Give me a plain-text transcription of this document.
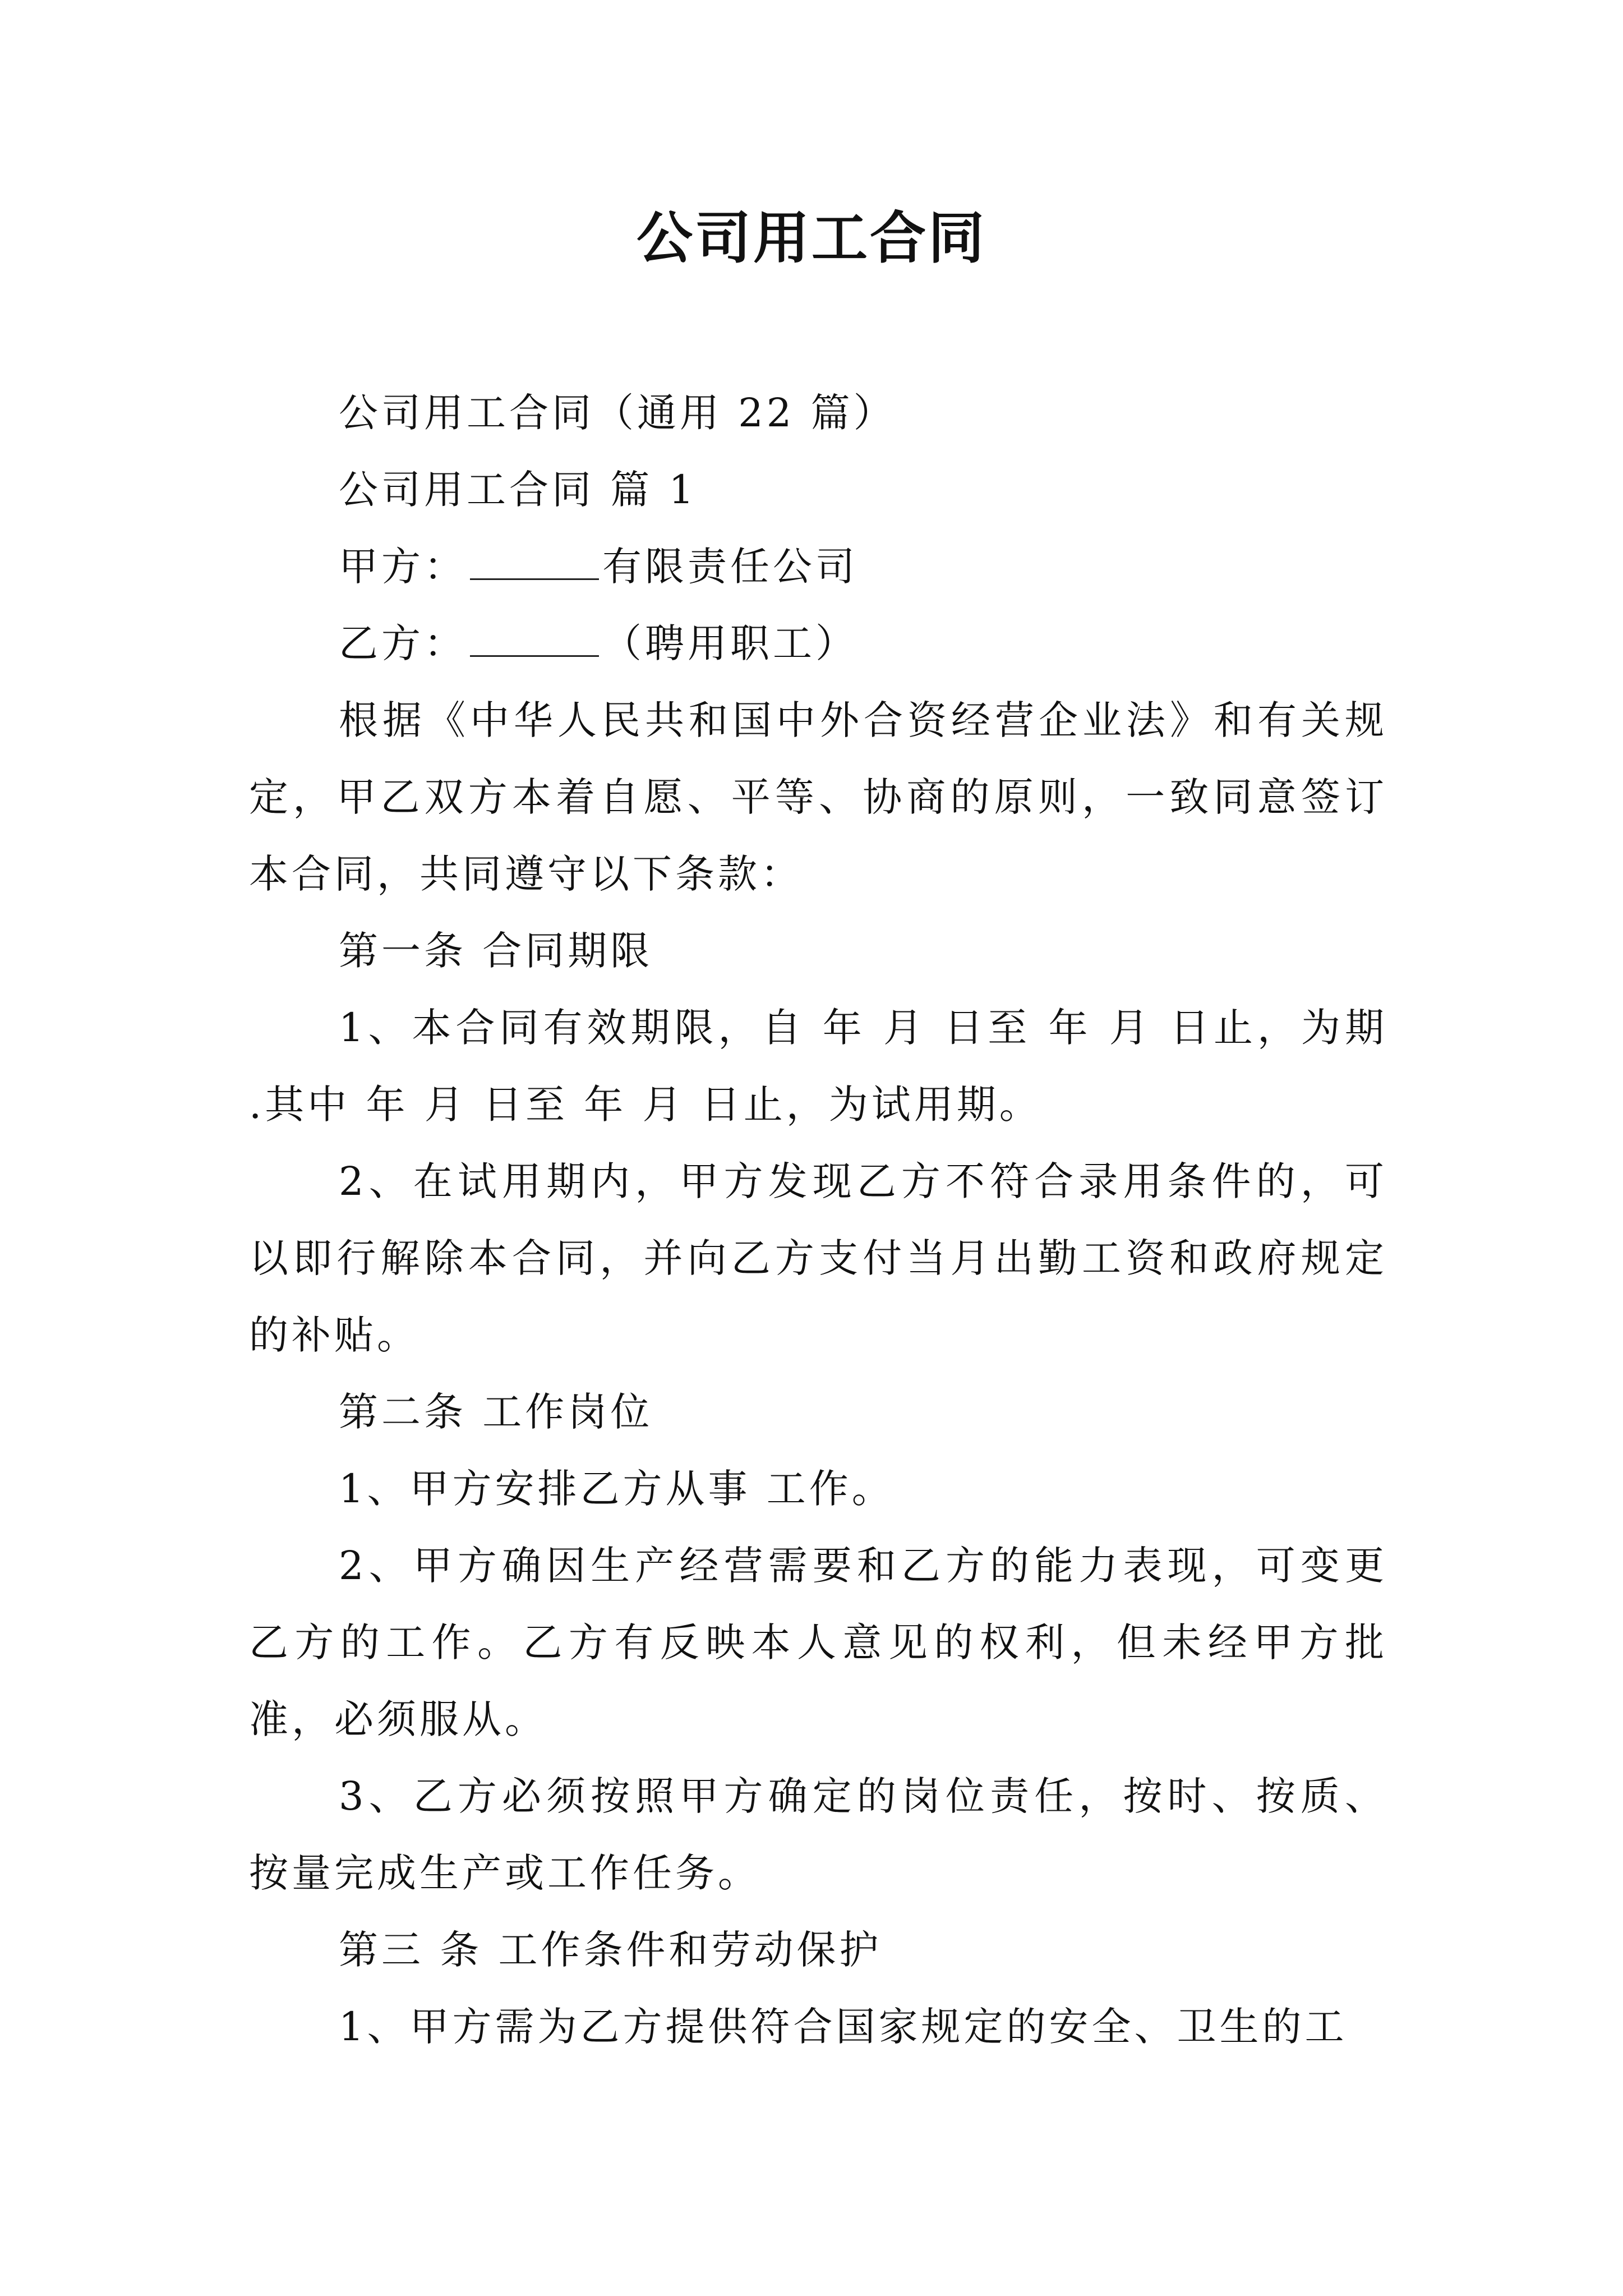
公司用工合同

公司用工合同（通用 22 篇）

公司用工合同 篇 1

甲方：	有限责任公司

乙方：	（聘用职工）

根据《中华人民共和国中外合资经营企业法》和有关规定，甲乙双方本着自愿、平等、协商的原则，一致同意签订本合同，共同遵守以下条款：

第一条 合同期限

1、本合同有效期限，自 年 月 日至 年 月 日止，为期 .其中 年 月 日至 年 月 日止，为试用期。

2、在试用期内，甲方发现乙方不符合录用条件的，可以即行解除本合同，并向乙方支付当月出勤工资和政府规定的补贴。

第二条 工作岗位

1、甲方安排乙方从事 工作。

2、甲方确因生产经营需要和乙方的能力表现，可变更乙方的工作。乙方有反映本人意见的权利，但未经甲方批准，必须服从。

3、乙方必须按照甲方确定的岗位责任，按时、按质、按量完成生产或工作任务。

第三 条 工作条件和劳动保护

1、甲方需为乙方提供符合国家规定的安全、卫生的工
